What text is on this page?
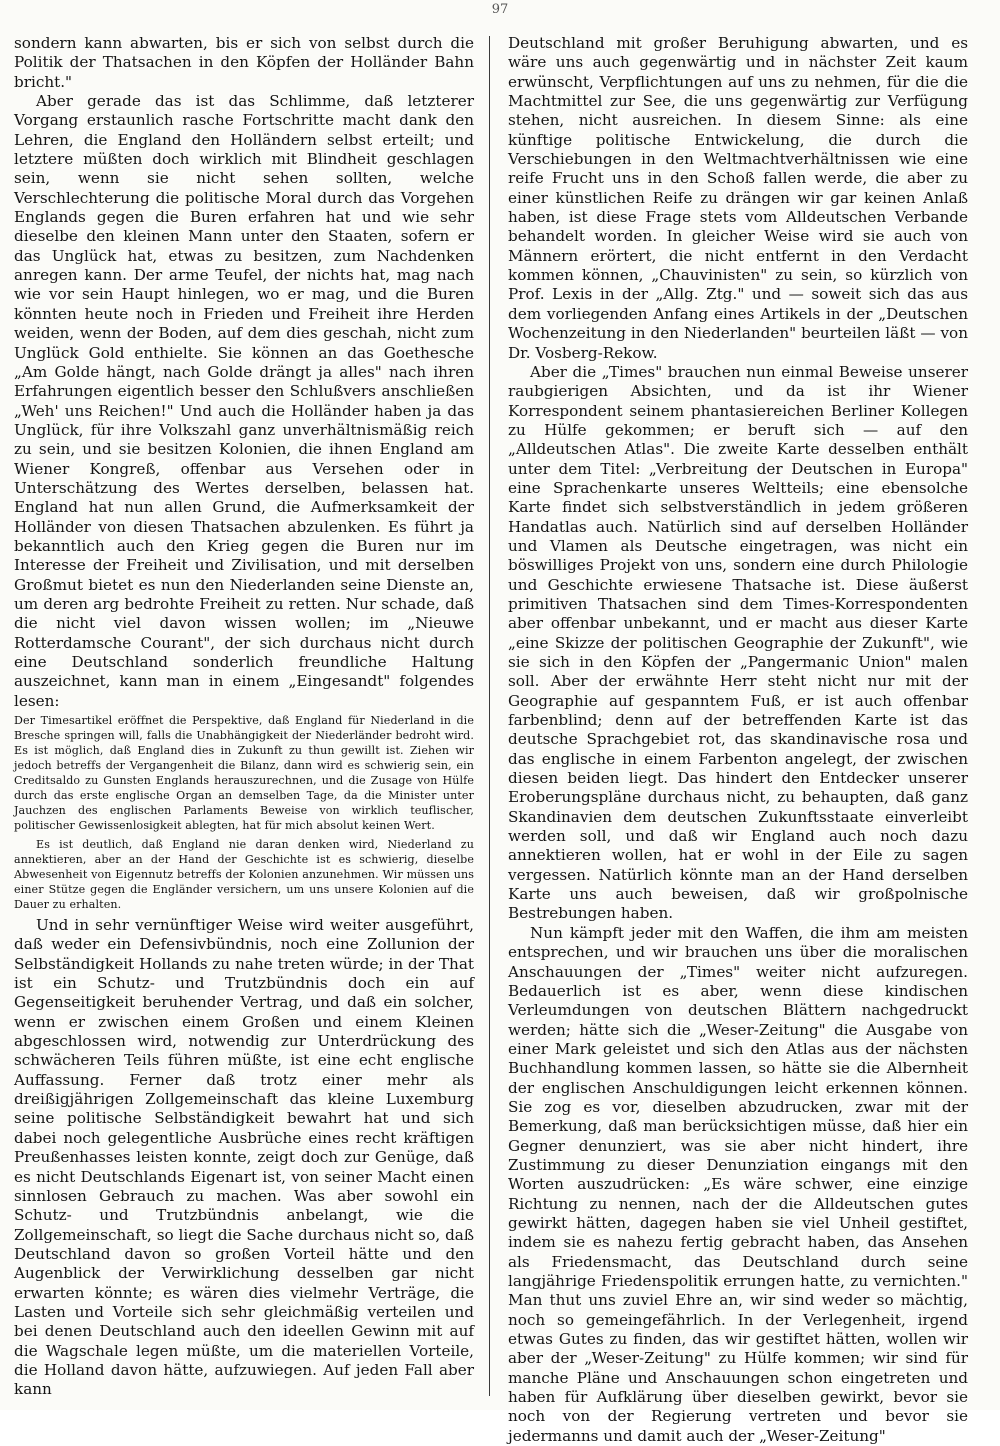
97

sondern kann abwarten, bis er sich von selbst durch die Politik der Thatsachen in den Köpfen der Holländer Bahn bricht."

Aber gerade das ist das Schlimme, daß letzterer Vorgang erstaunlich rasche Fortschritte macht dank den Lehren, die England den Holländern selbst erteilt; und letztere müßten doch wirklich mit Blindheit geschlagen sein, wenn sie nicht sehen sollten, welche Verschlechterung die politische Moral durch das Vorgehen Englands gegen die Buren erfahren hat und wie sehr dieselbe den kleinen Mann unter den Staaten, sofern er das Unglück hat, etwas zu besitzen, zum Nachdenken anregen kann. Der arme Teufel, der nichts hat, mag nach wie vor sein Haupt hinlegen, wo er mag, und die Buren könnten heute noch in Frieden und Freiheit ihre Herden weiden, wenn der Boden, auf dem dies geschah, nicht zum Unglück Gold enthielte. Sie können an das Goethesche „Am Golde hängt, nach Golde drängt ja alles" nach ihren Erfahrungen eigentlich besser den Schlußvers anschließen „Weh' uns Reichen!" Und auch die Holländer haben ja das Unglück, für ihre Volkszahl ganz unverhältnismäßig reich zu sein, und sie besitzen Kolonien, die ihnen England am Wiener Kongreß, offenbar aus Versehen oder in Unterschätzung des Wertes derselben, belassen hat. England hat nun allen Grund, die Aufmerksamkeit der Holländer von diesen Thatsachen abzulenken. Es führt ja bekanntlich auch den Krieg gegen die Buren nur im Interesse der Freiheit und Zivilisation, und mit derselben Großmut bietet es nun den Niederlanden seine Dienste an, um deren arg bedrohte Freiheit zu retten. Nur schade, daß die nicht viel davon wissen wollen; im „Nieuwe Rotterdamsche Courant", der sich durchaus nicht durch eine Deutschland sonderlich freundliche Haltung auszeichnet, kann man in einem „Eingesandt" folgendes lesen:

Der Timesartikel eröffnet die Perspektive, daß England für Niederland in die Bresche springen will, falls die Unabhängigkeit der Niederländer bedroht wird. Es ist möglich, daß England dies in Zukunft zu thun gewillt ist. Ziehen wir jedoch betreffs der Vergangenheit die Bilanz, dann wird es schwierig sein, ein Creditsaldo zu Gunsten Englands herauszurechnen, und die Zusage von Hülfe durch das erste englische Organ an demselben Tage, da die Minister unter Jauchzen des englischen Parlaments Beweise von wirklich teuflischer, politischer Gewissenlosigkeit ablegten, hat für mich absolut keinen Wert.

Es ist deutlich, daß England nie daran denken wird, Niederland zu annektieren, aber an der Hand der Geschichte ist es schwierig, dieselbe Abwesenheit von Eigennutz betreffs der Kolonien anzunehmen. Wir müssen uns einer Stütze gegen die Engländer versichern, um uns unsere Kolonien auf die Dauer zu erhalten.

Und in sehr vernünftiger Weise wird weiter ausgeführt, daß weder ein Defensivbündnis, noch eine Zollunion der Selbständigkeit Hollands zu nahe treten würde; in der That ist ein Schutz- und Trutzbündnis doch ein auf Gegenseitigkeit beruhender Vertrag, und daß ein solcher, wenn er zwischen einem Großen und einem Kleinen abgeschlossen wird, notwendig zur Unterdrückung des schwächeren Teils führen müßte, ist eine echt englische Auffassung. Ferner daß trotz einer mehr als dreißigjährigen Zollgemeinschaft das kleine Luxemburg seine politische Selbständigkeit bewahrt hat und sich dabei noch gelegentliche Ausbrüche eines recht kräftigen Preußenhasses leisten konnte, zeigt doch zur Genüge, daß es nicht Deutschlands Eigenart ist, von seiner Macht einen sinnlosen Gebrauch zu machen. Was aber sowohl ein Schutz- und Trutzbündnis anbelangt, wie die Zollgemeinschaft, so liegt die Sache durchaus nicht so, daß Deutschland davon so großen Vorteil hätte und den Augenblick der Verwirklichung desselben gar nicht erwarten könnte; es wären dies vielmehr Verträge, die Lasten und Vorteile sich sehr gleichmäßig verteilen und bei denen Deutschland auch den ideellen Gewinn mit auf die Wagschale legen müßte, um die materiellen Vorteile, die Holland davon hätte, aufzuwiegen. Auf jeden Fall aber kann

Deutschland mit großer Beruhigung abwarten, und es wäre uns auch gegenwärtig und in nächster Zeit kaum erwünscht, Verpflichtungen auf uns zu nehmen, für die die Machtmittel zur See, die uns gegenwärtig zur Verfügung stehen, nicht ausreichen. In diesem Sinne: als eine künftige politische Entwickelung, die durch die Verschiebungen in den Weltmachtverhältnissen wie eine reife Frucht uns in den Schoß fallen werde, die aber zu einer künstlichen Reife zu drängen wir gar keinen Anlaß haben, ist diese Frage stets vom Alldeutschen Verbande behandelt worden. In gleicher Weise wird sie auch von Männern erörtert, die nicht entfernt in den Verdacht kommen können, „Chauvinisten" zu sein, so kürzlich von Prof. Lexis in der „Allg. Ztg." und — soweit sich das aus dem vorliegenden Anfang eines Artikels in der „Deutschen Wochenzeitung in den Niederlanden" beurteilen läßt — von Dr. Vosberg-Rekow.

Aber die „Times" brauchen nun einmal Beweise unserer raubgierigen Absichten, und da ist ihr Wiener Korrespondent seinem phantasiereichen Berliner Kollegen zu Hülfe gekommen; er beruft sich — auf den „Alldeutschen Atlas". Die zweite Karte desselben enthält unter dem Titel: „Verbreitung der Deutschen in Europa" eine Sprachenkarte unseres Weltteils; eine ebensolche Karte findet sich selbstverständlich in jedem größeren Handatlas auch. Natürlich sind auf derselben Holländer und Vlamen als Deutsche eingetragen, was nicht ein böswilliges Projekt von uns, sondern eine durch Philologie und Geschichte erwiesene Thatsache ist. Diese äußerst primitiven Thatsachen sind dem Times-Korrespondenten aber offenbar unbekannt, und er macht aus dieser Karte „eine Skizze der politischen Geographie der Zukunft", wie sie sich in den Köpfen der „Pangermanic Union" malen soll. Aber der erwähnte Herr steht nicht nur mit der Geographie auf gespanntem Fuß, er ist auch offenbar farbenblind; denn auf der betreffenden Karte ist das deutsche Sprachgebiet rot, das skandinavische rosa und das englische in einem Farbenton angelegt, der zwischen diesen beiden liegt. Das hindert den Entdecker unserer Eroberungspläne durchaus nicht, zu behaupten, daß ganz Skandinavien dem deutschen Zukunftsstaate einverleibt werden soll, und daß wir England auch noch dazu annektieren wollen, hat er wohl in der Eile zu sagen vergessen. Natürlich könnte man an der Hand derselben Karte uns auch beweisen, daß wir großpolnische Bestrebungen haben.

Nun kämpft jeder mit den Waffen, die ihm am meisten entsprechen, und wir brauchen uns über die moralischen Anschauungen der „Times" weiter nicht aufzuregen. Bedauerlich ist es aber, wenn diese kindischen Verleumdungen von deutschen Blättern nachgedruckt werden; hätte sich die „Weser-Zeitung" die Ausgabe von einer Mark geleistet und sich den Atlas aus der nächsten Buchhandlung kommen lassen, so hätte sie die Albernheit der englischen Anschuldigungen leicht erkennen können. Sie zog es vor, dieselben abzudrucken, zwar mit der Bemerkung, daß man berücksichtigen müsse, daß hier ein Gegner denunziert, was sie aber nicht hindert, ihre Zustimmung zu dieser Denunziation eingangs mit den Worten auszudrücken: „Es wäre schwer, eine einzige Richtung zu nennen, nach der die Alldeutschen gutes gewirkt hätten, dagegen haben sie viel Unheil gestiftet, indem sie es nahezu fertig gebracht haben, das Ansehen als Friedensmacht, das Deutschland durch seine langjährige Friedenspolitik errungen hatte, zu vernichten." Man thut uns zuviel Ehre an, wir sind weder so mächtig, noch so gemeingefährlich. In der Verlegenheit, irgend etwas Gutes zu finden, das wir gestiftet hätten, wollen wir aber der „Weser-Zeitung" zu Hülfe kommen; wir sind für manche Pläne und Anschauungen schon eingetreten und haben für Aufklärung über dieselben gewirkt, bevor sie noch von der Regierung vertreten und bevor sie jedermanns und damit auch der „Weser-Zeitung"
